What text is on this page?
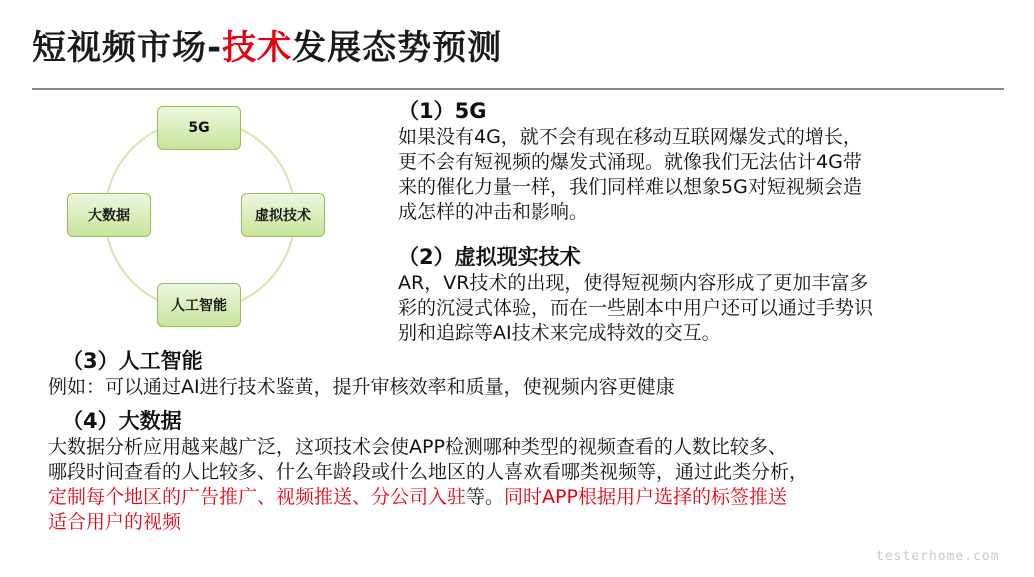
短视频市场-技术发展态势预测
5G
虚拟技术
人工智能
大数据
（1）5G
如果没有4G，就不会有现在移动互联网爆发式的增长，
更不会有短视频的爆发式涌现。就像我们无法估计4G带
来的催化力量一样，我们同样难以想象5G对短视频会造
成怎样的冲击和影响。
（2）虚拟现实技术
AR，VR技术的出现，使得短视频内容形成了更加丰富多
彩的沉浸式体验，而在一些剧本中用户还可以通过手势识
别和追踪等AI技术来完成特效的交互。
（3）人工智能
例如：可以通过AI进行技术鉴黄，提升审核效率和质量，使视频内容更健康
（4）大数据
大数据分析应用越来越广泛，这项技术会使APP检测哪种类型的视频查看的人数比较多、
哪段时间查看的人比较多、什么年龄段或什么地区的人喜欢看哪类视频等，通过此类分析，
定制每个地区的广告推广、视频推送、分公司入驻等。同时APP根据用户选择的标签推送
适合用户的视频
testerhome.com
